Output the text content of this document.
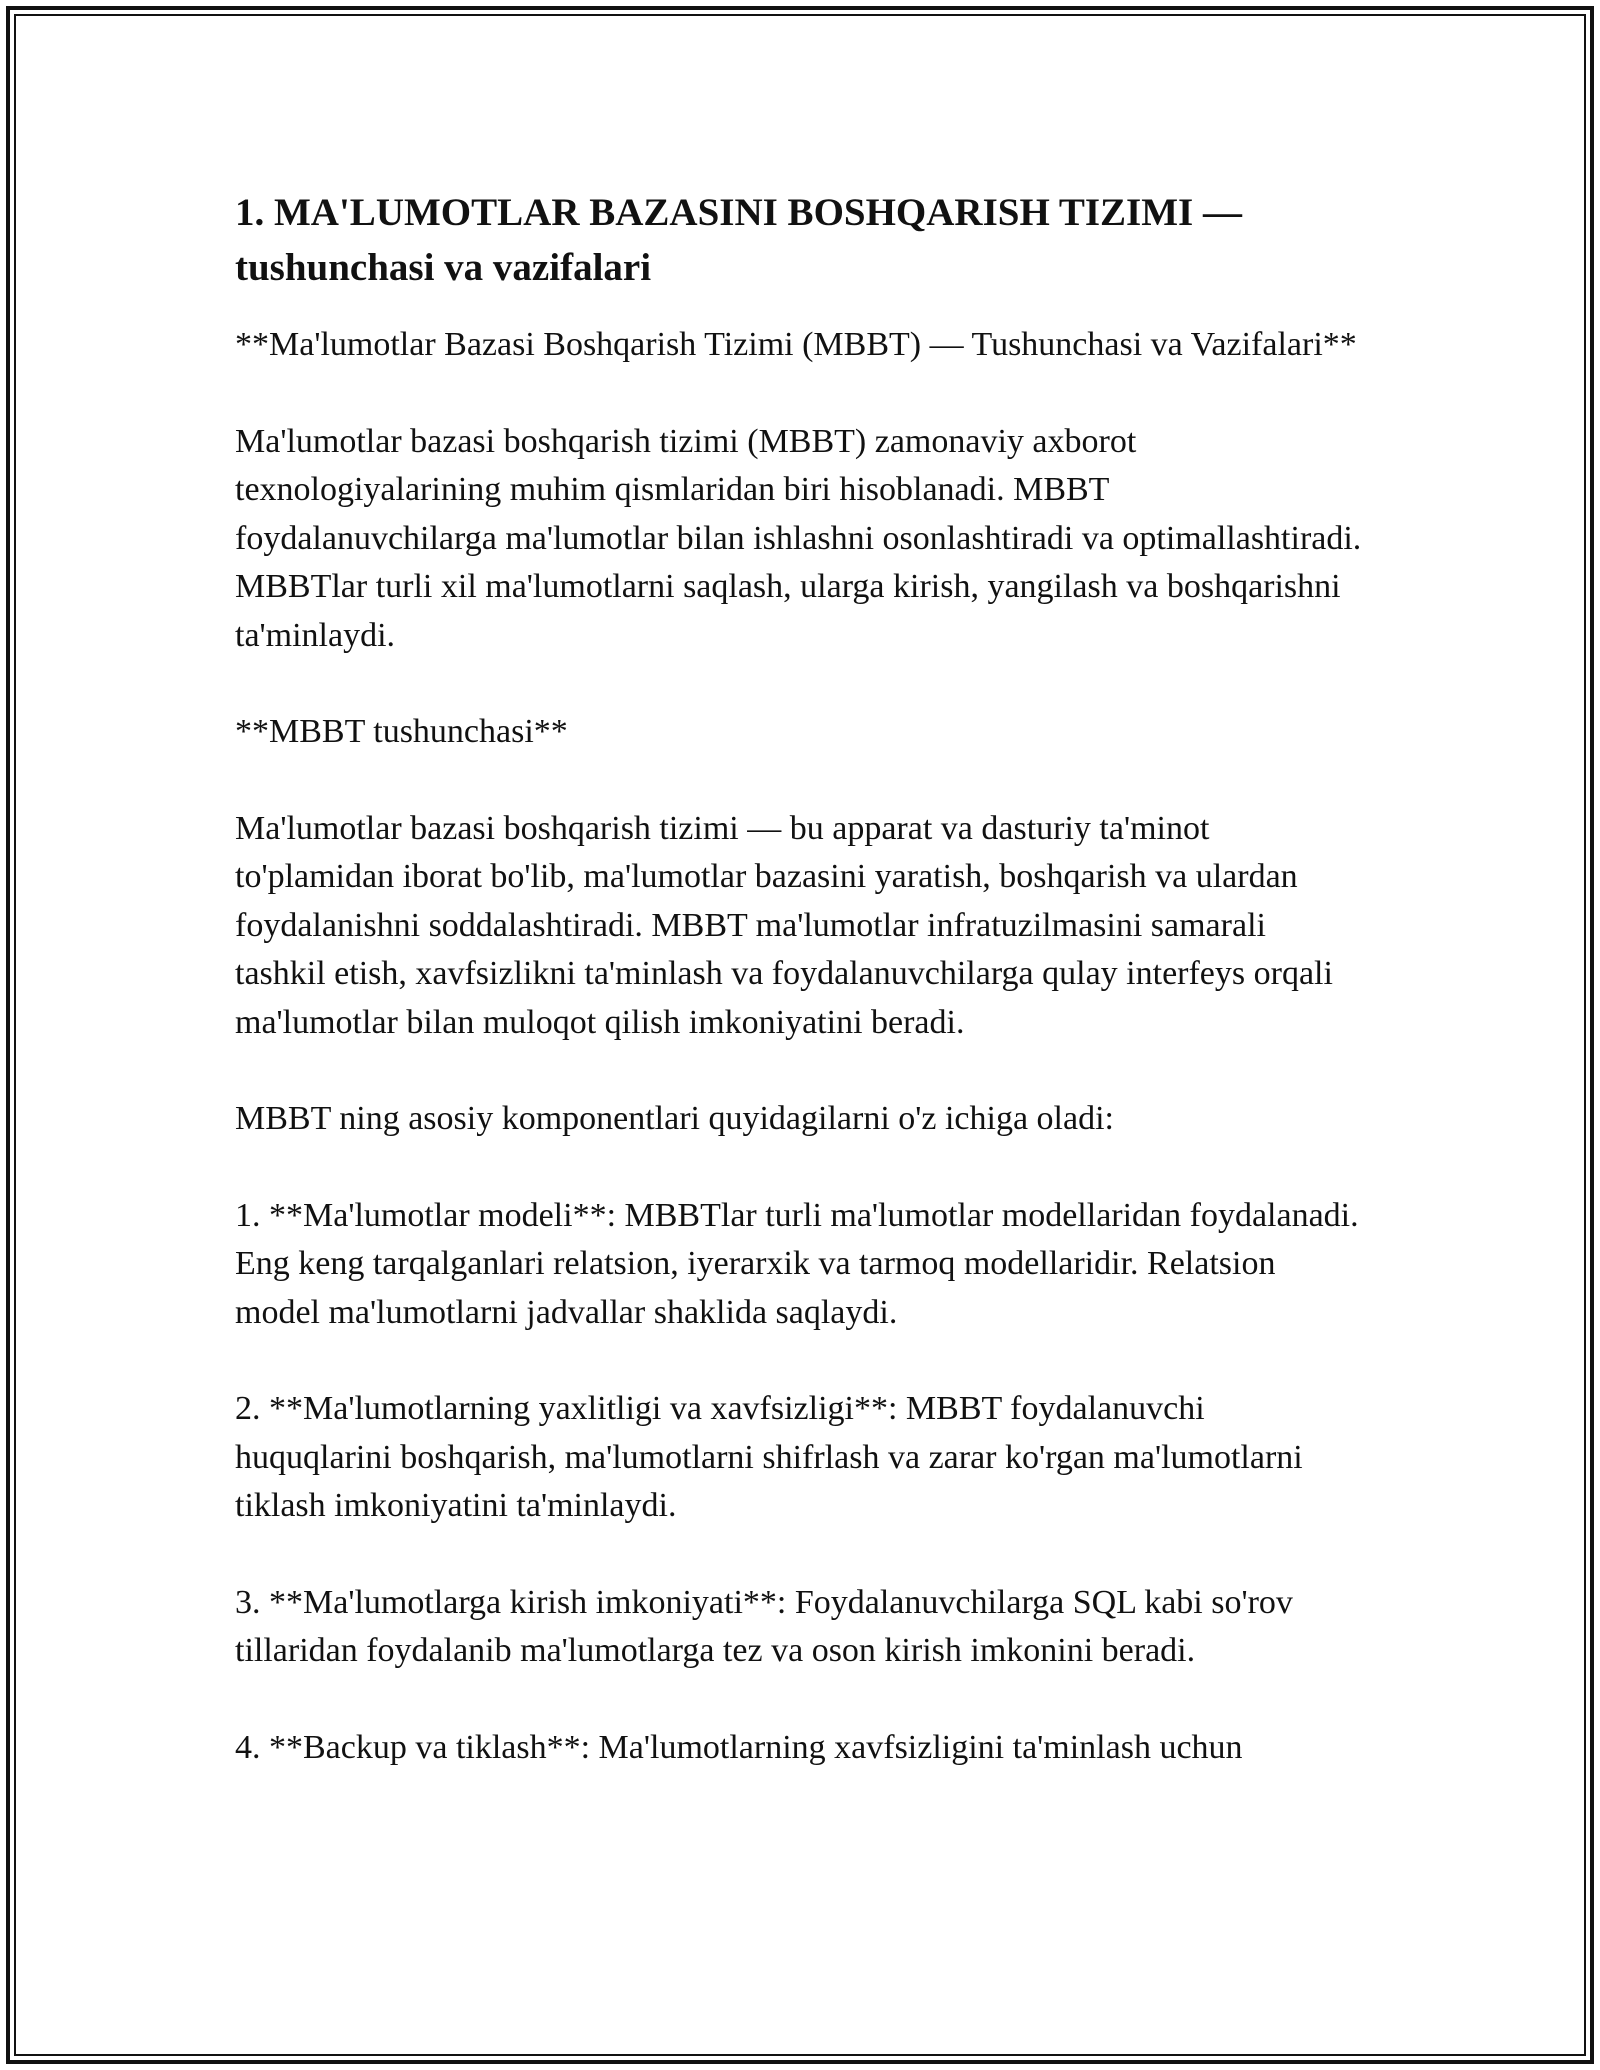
1. MA'LUMOTLAR BAZASINI BOSHQARISH TIZIMI — tushunchasi va vazifalari

**Ma'lumotlar Bazasi Boshqarish Tizimi (MBBT) — Tushunchasi va Vazifalari**

Ma'lumotlar bazasi boshqarish tizimi (MBBT) zamonaviy axborot texnologiyalarining muhim qismlaridan biri hisoblanadi. MBBT foydalanuvchilarga ma'lumotlar bilan ishlashni osonlashtiradi va optimallashtiradi. MBBTlar turli xil ma'lumotlarni saqlash, ularga kirish, yangilash va boshqarishni ta'minlaydi.

**MBBT tushunchasi**

Ma'lumotlar bazasi boshqarish tizimi — bu apparat va dasturiy ta'minot to'plamidan iborat bo'lib, ma'lumotlar bazasini yaratish, boshqarish va ulardan foydalanishni soddalashtiradi. MBBT ma'lumotlar infratuzilmasini samarali tashkil etish, xavfsizlikni ta'minlash va foydalanuvchilarga qulay interfeys orqali ma'lumotlar bilan muloqot qilish imkoniyatini beradi.

MBBT ning asosiy komponentlari quyidagilarni o'z ichiga oladi:

1. **Ma'lumotlar modeli**: MBBTlar turli ma'lumotlar modellaridan foydalanadi. Eng keng tarqalganlari relatsion, iyerarxik va tarmoq modellaridir. Relatsion model ma'lumotlarni jadvallar shaklida saqlaydi.

2. **Ma'lumotlarning yaxlitligi va xavfsizligi**: MBBT foydalanuvchi huquqlarini boshqarish, ma'lumotlarni shifrlash va zarar ko'rgan ma'lumotlarni tiklash imkoniyatini ta'minlaydi.

3. **Ma'lumotlarga kirish imkoniyati**: Foydalanuvchilarga SQL kabi so'rov tillaridan foydalanib ma'lumotlarga tez va oson kirish imkonini beradi.

4. **Backup va tiklash**: Ma'lumotlarning xavfsizligini ta'minlash uchun
